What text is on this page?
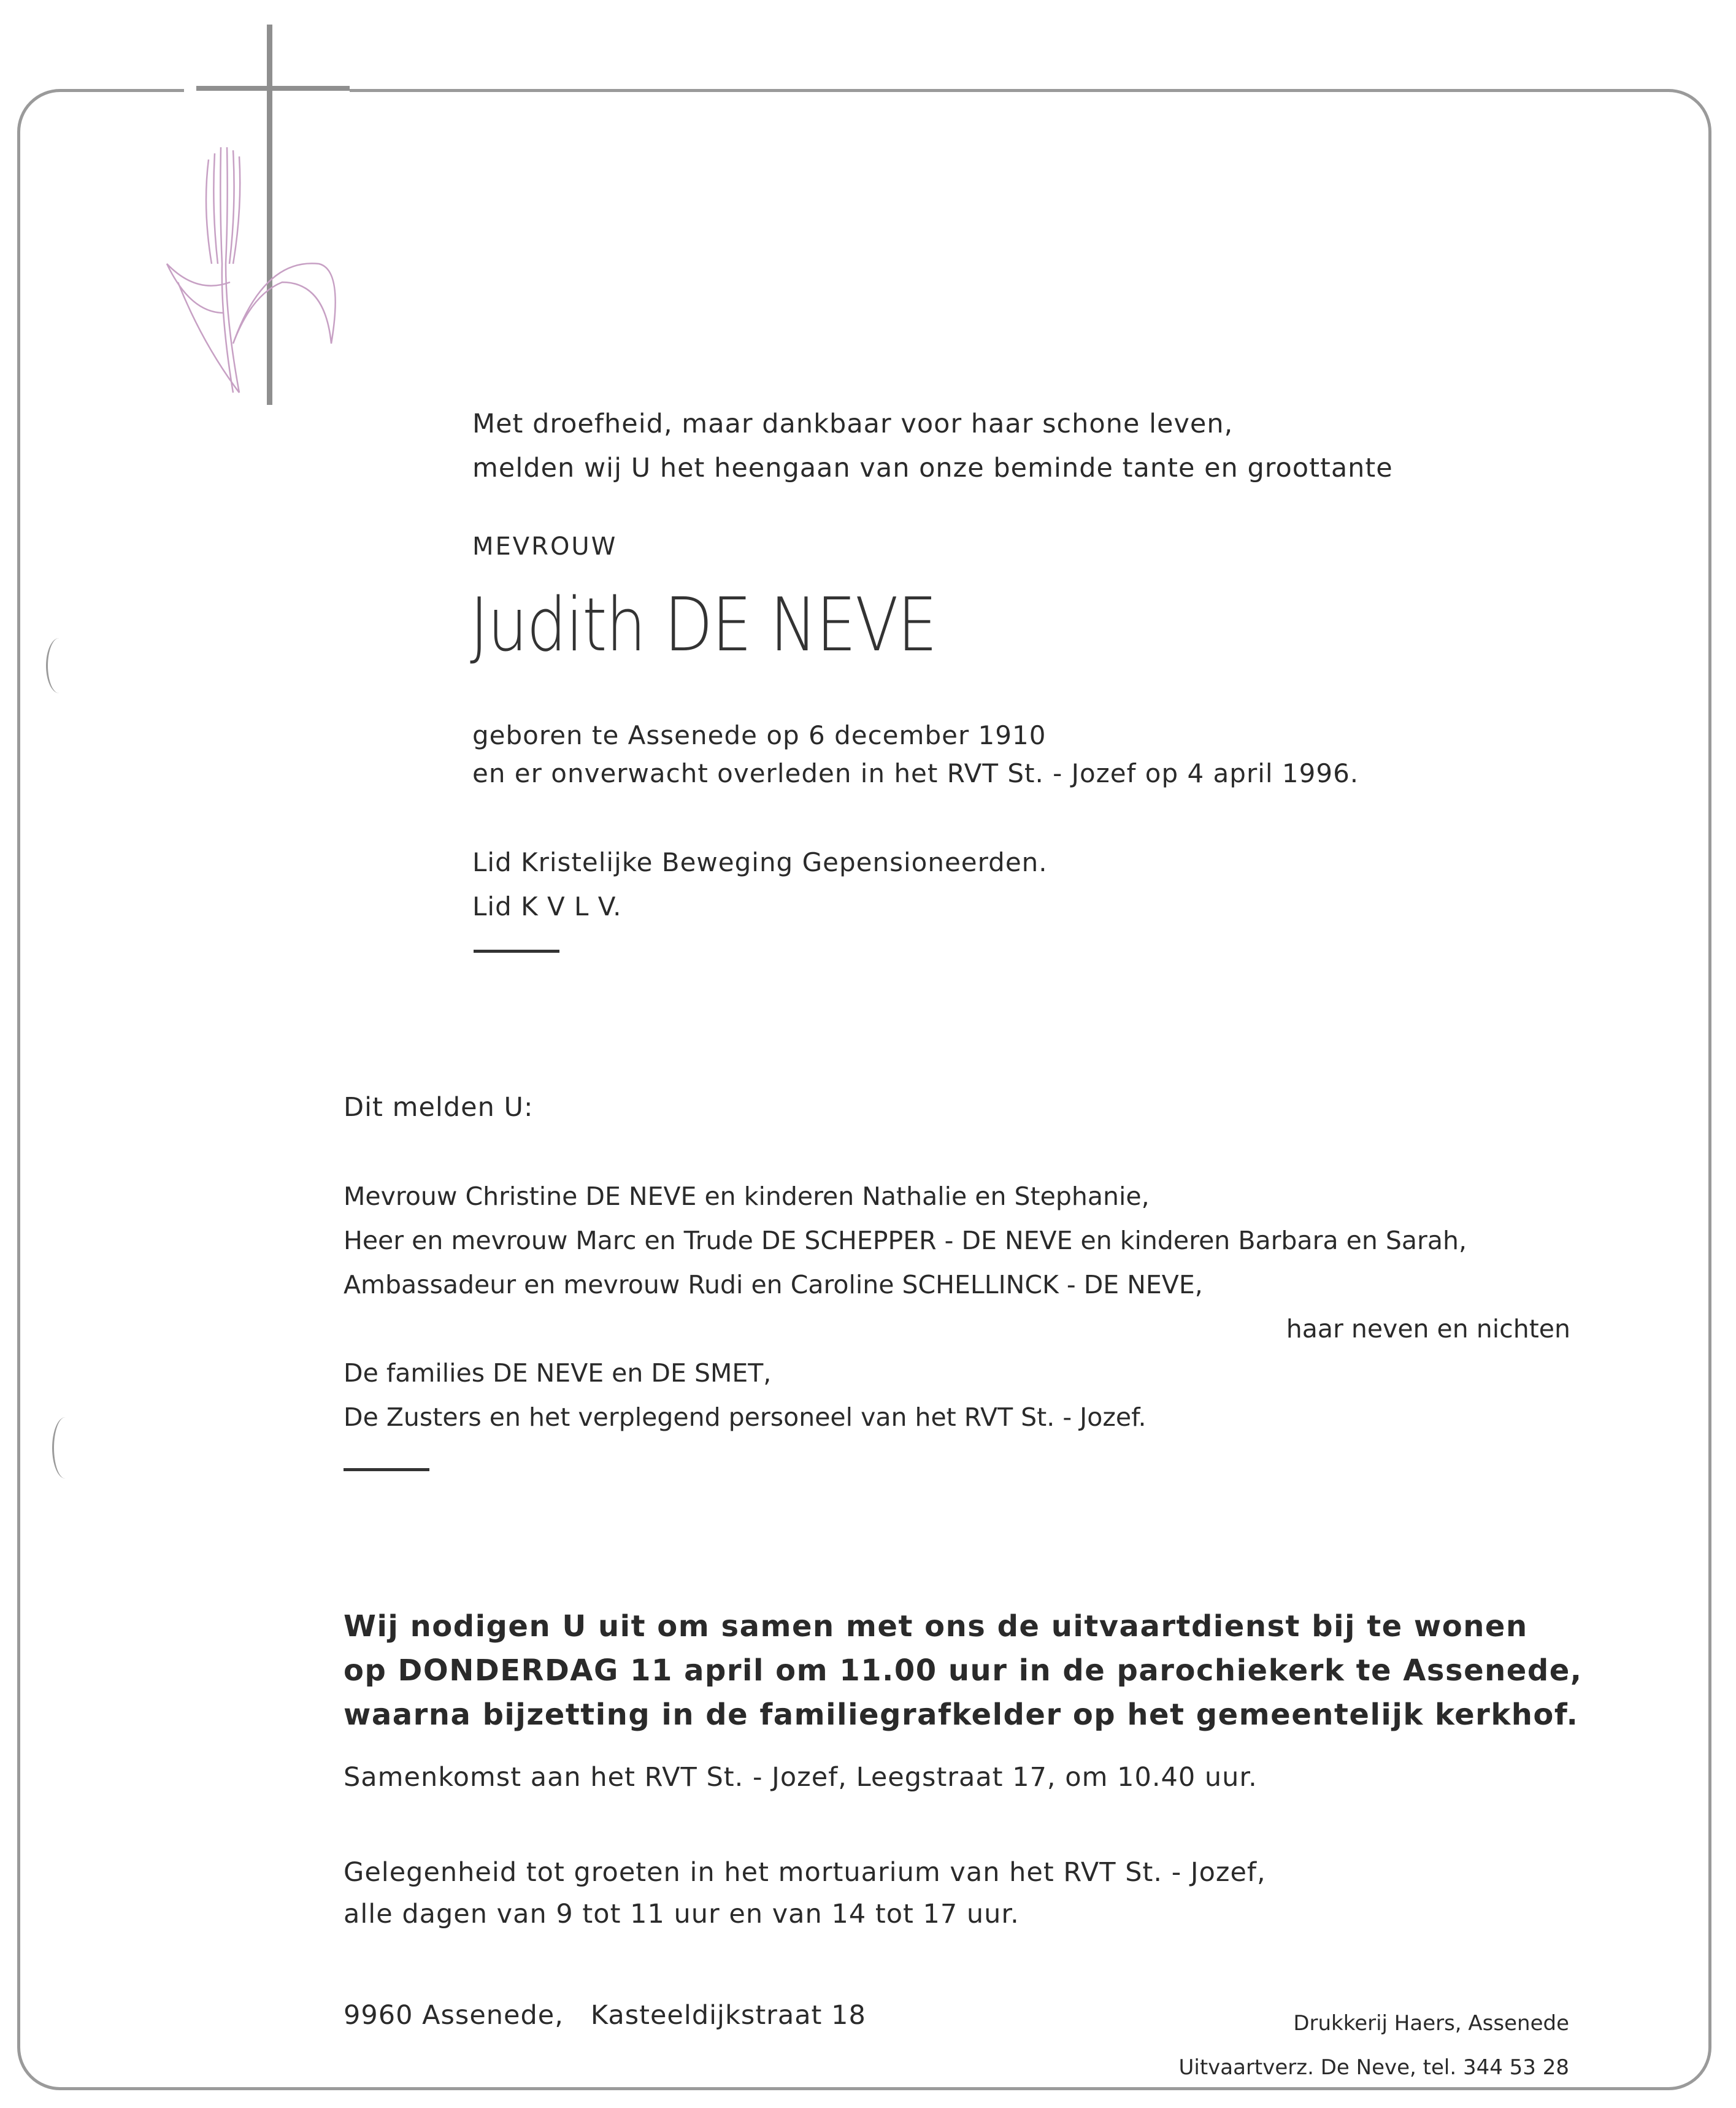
Met droefheid, maar dankbaar voor haar schone leven,
melden wij U het heengaan van onze beminde tante en groottante
MEVROUW
Judith DE NEVE
geboren te Assenede op 6 december 1910
en er onverwacht overleden in het RVT St. - Jozef op 4 april 1996.
Lid Kristelijke Beweging Gepensioneerden.
Lid K V L V.
Dit melden U:
Mevrouw Christine DE NEVE en kinderen Nathalie en Stephanie,
Heer en mevrouw Marc en Trude DE SCHEPPER - DE NEVE en kinderen Barbara en Sarah,
Ambassadeur en mevrouw Rudi en Caroline SCHELLINCK - DE NEVE,
haar neven en nichten
De families DE NEVE en DE SMET,
De Zusters en het verplegend personeel van het RVT St. - Jozef.
Wij nodigen U uit om samen met ons de uitvaartdienst bij te wonen
op DONDERDAG 11 april om 11.00 uur in de parochiekerk te Assenede,
waarna bijzetting in de familiegrafkelder op het gemeentelijk kerkhof.
Samenkomst aan het RVT St. - Jozef, Leegstraat 17, om 10.40 uur.
Gelegenheid tot groeten in het mortuarium van het RVT St. - Jozef,
alle dagen van 9 tot 11 uur en van 14 tot 17 uur.
9960 Assenede,   Kasteeldijkstraat 18	Drukkerij Haers, Assenede
Uitvaartverz. De Neve, tel. 344 53 28
